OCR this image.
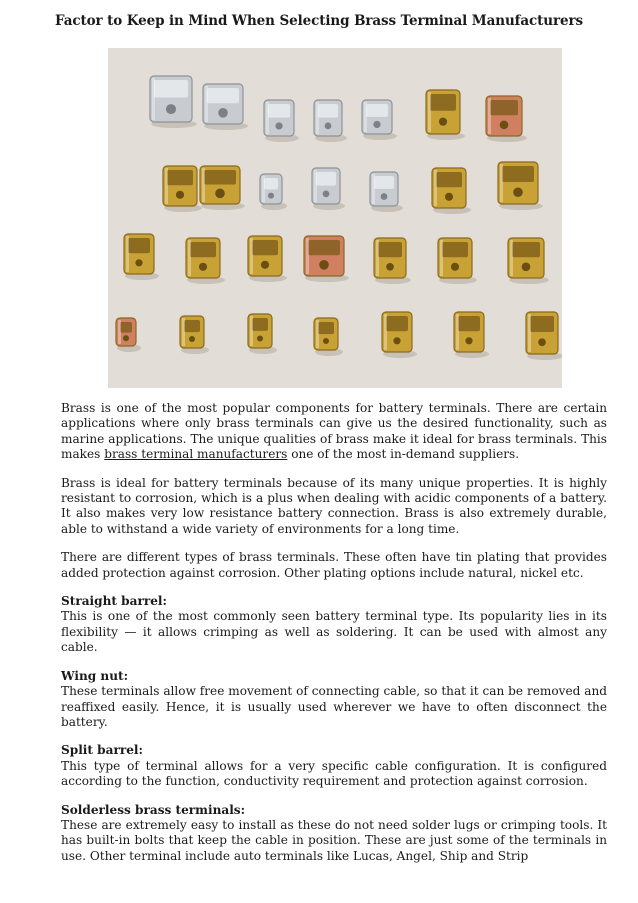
Factor to Keep in Mind When Selecting Brass Terminal Manufacturers

Brass is one of the most popular components for battery terminals. There are certain applications where only brass terminals can give us the desired functionality, such as marine applications. The unique qualities of brass make it ideal for brass terminals. This makes brass terminal manufacturers one of the most in-demand suppliers.

Brass is ideal for battery terminals because of its many unique properties. It is highly resistant to corrosion, which is a plus when dealing with acidic components of a battery. It also makes very low resistance battery connection. Brass is also extremely durable, able to withstand a wide variety of environments for a long time.

There are different types of brass terminals. These often have tin plating that provides added protection against corrosion. Other plating options include natural, nickel etc.

Straight barrel:

This is one of the most commonly seen battery terminal type. Its popularity lies in its flexibility — it allows crimping as well as soldering. It can be used with almost any cable.

Wing nut:

These terminals allow free movement of connecting cable, so that it can be removed and reaffixed easily. Hence, it is usually used wherever we have to often disconnect the battery.

Split barrel:

This type of terminal allows for a very specific cable configuration. It is configured according to the function, conductivity requirement and protection against corrosion.

Solderless brass terminals:

These are extremely easy to install as these do not need solder lugs or crimping tools. It has built-in bolts that keep the cable in position. These are just some of the terminals in use. Other terminal include auto terminals like Lucas, Angel, Ship and Strip
